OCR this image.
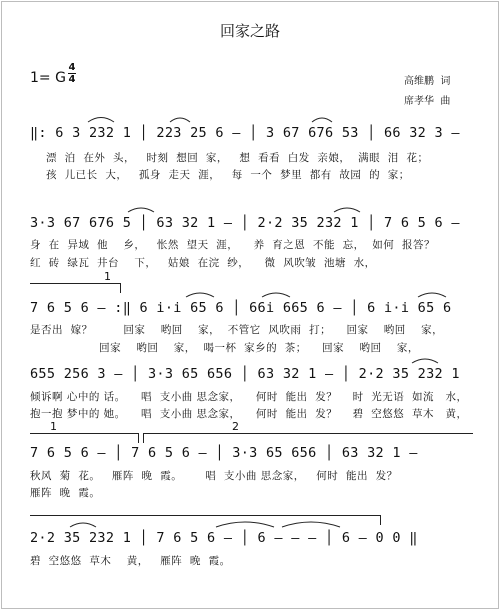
回家之路
1= G
4
4	高维鹏  词
席孝华  曲
‖: 6 3 232 1 │ 223 25 6 – │ 3 67 676 53 │ 66 32 3 –
漂  泊  在外  头，   时刻  想回  家，   想  看看  白发  亲娘，  满眼  泪  花；
孩  儿已长  大，   孤身  走天  涯，   每  一个  梦里  都有  故园  的  家；
3·3 67 676 5 │ 63 32 1 – │ 2·2 35 232 1 │ 7 6 5 6 –
身  在  异域  他    乡，   怅然  望天  涯，    养  育之恩  不能  忘，  如何  报答？
红  砖  绿瓦  井台    下，   姑娘  在浣  纱，    微  风吹皱  池塘  水，
1
7 6 5 6 – :‖ 6 i·i 65 6 │ 66i 665 6 – │ 6 i·i 65 6
是否出  嫁？        回家    哟回    家，  不管它  风吹雨  打；    回家    哟回    家，
回家    哟回    家，  喝一杯  家乡的  茶；    回家    哟回    家，
655 256 3 – │ 3·3 65 656 │ 63 32 1 – │ 2·2 35 232 1
倾诉啊 心中的 话。    唱  支小曲 思念家，    何时  能出  发？    时  光无语  如流   水，
抱一抱 梦中的 她。    唱  支小曲 思念家，    何时  能出  发？    碧  空悠悠  草木   黄，
1	2
7 6 5 6 – │ 7 6 5 6 – │ 3·3 65 656 │ 63 32 1 –
秋风  菊  花。   雁阵  晚  霞。      唱  支小曲 思念家，   何时  能出  发？
雁阵  晚  霞。
2·2 35 232 1 │ 7 6 5 6 – │ 6 – – – │ 6 – 0 0 ‖
碧  空悠悠  草木    黄，   雁阵  晚  霞。
